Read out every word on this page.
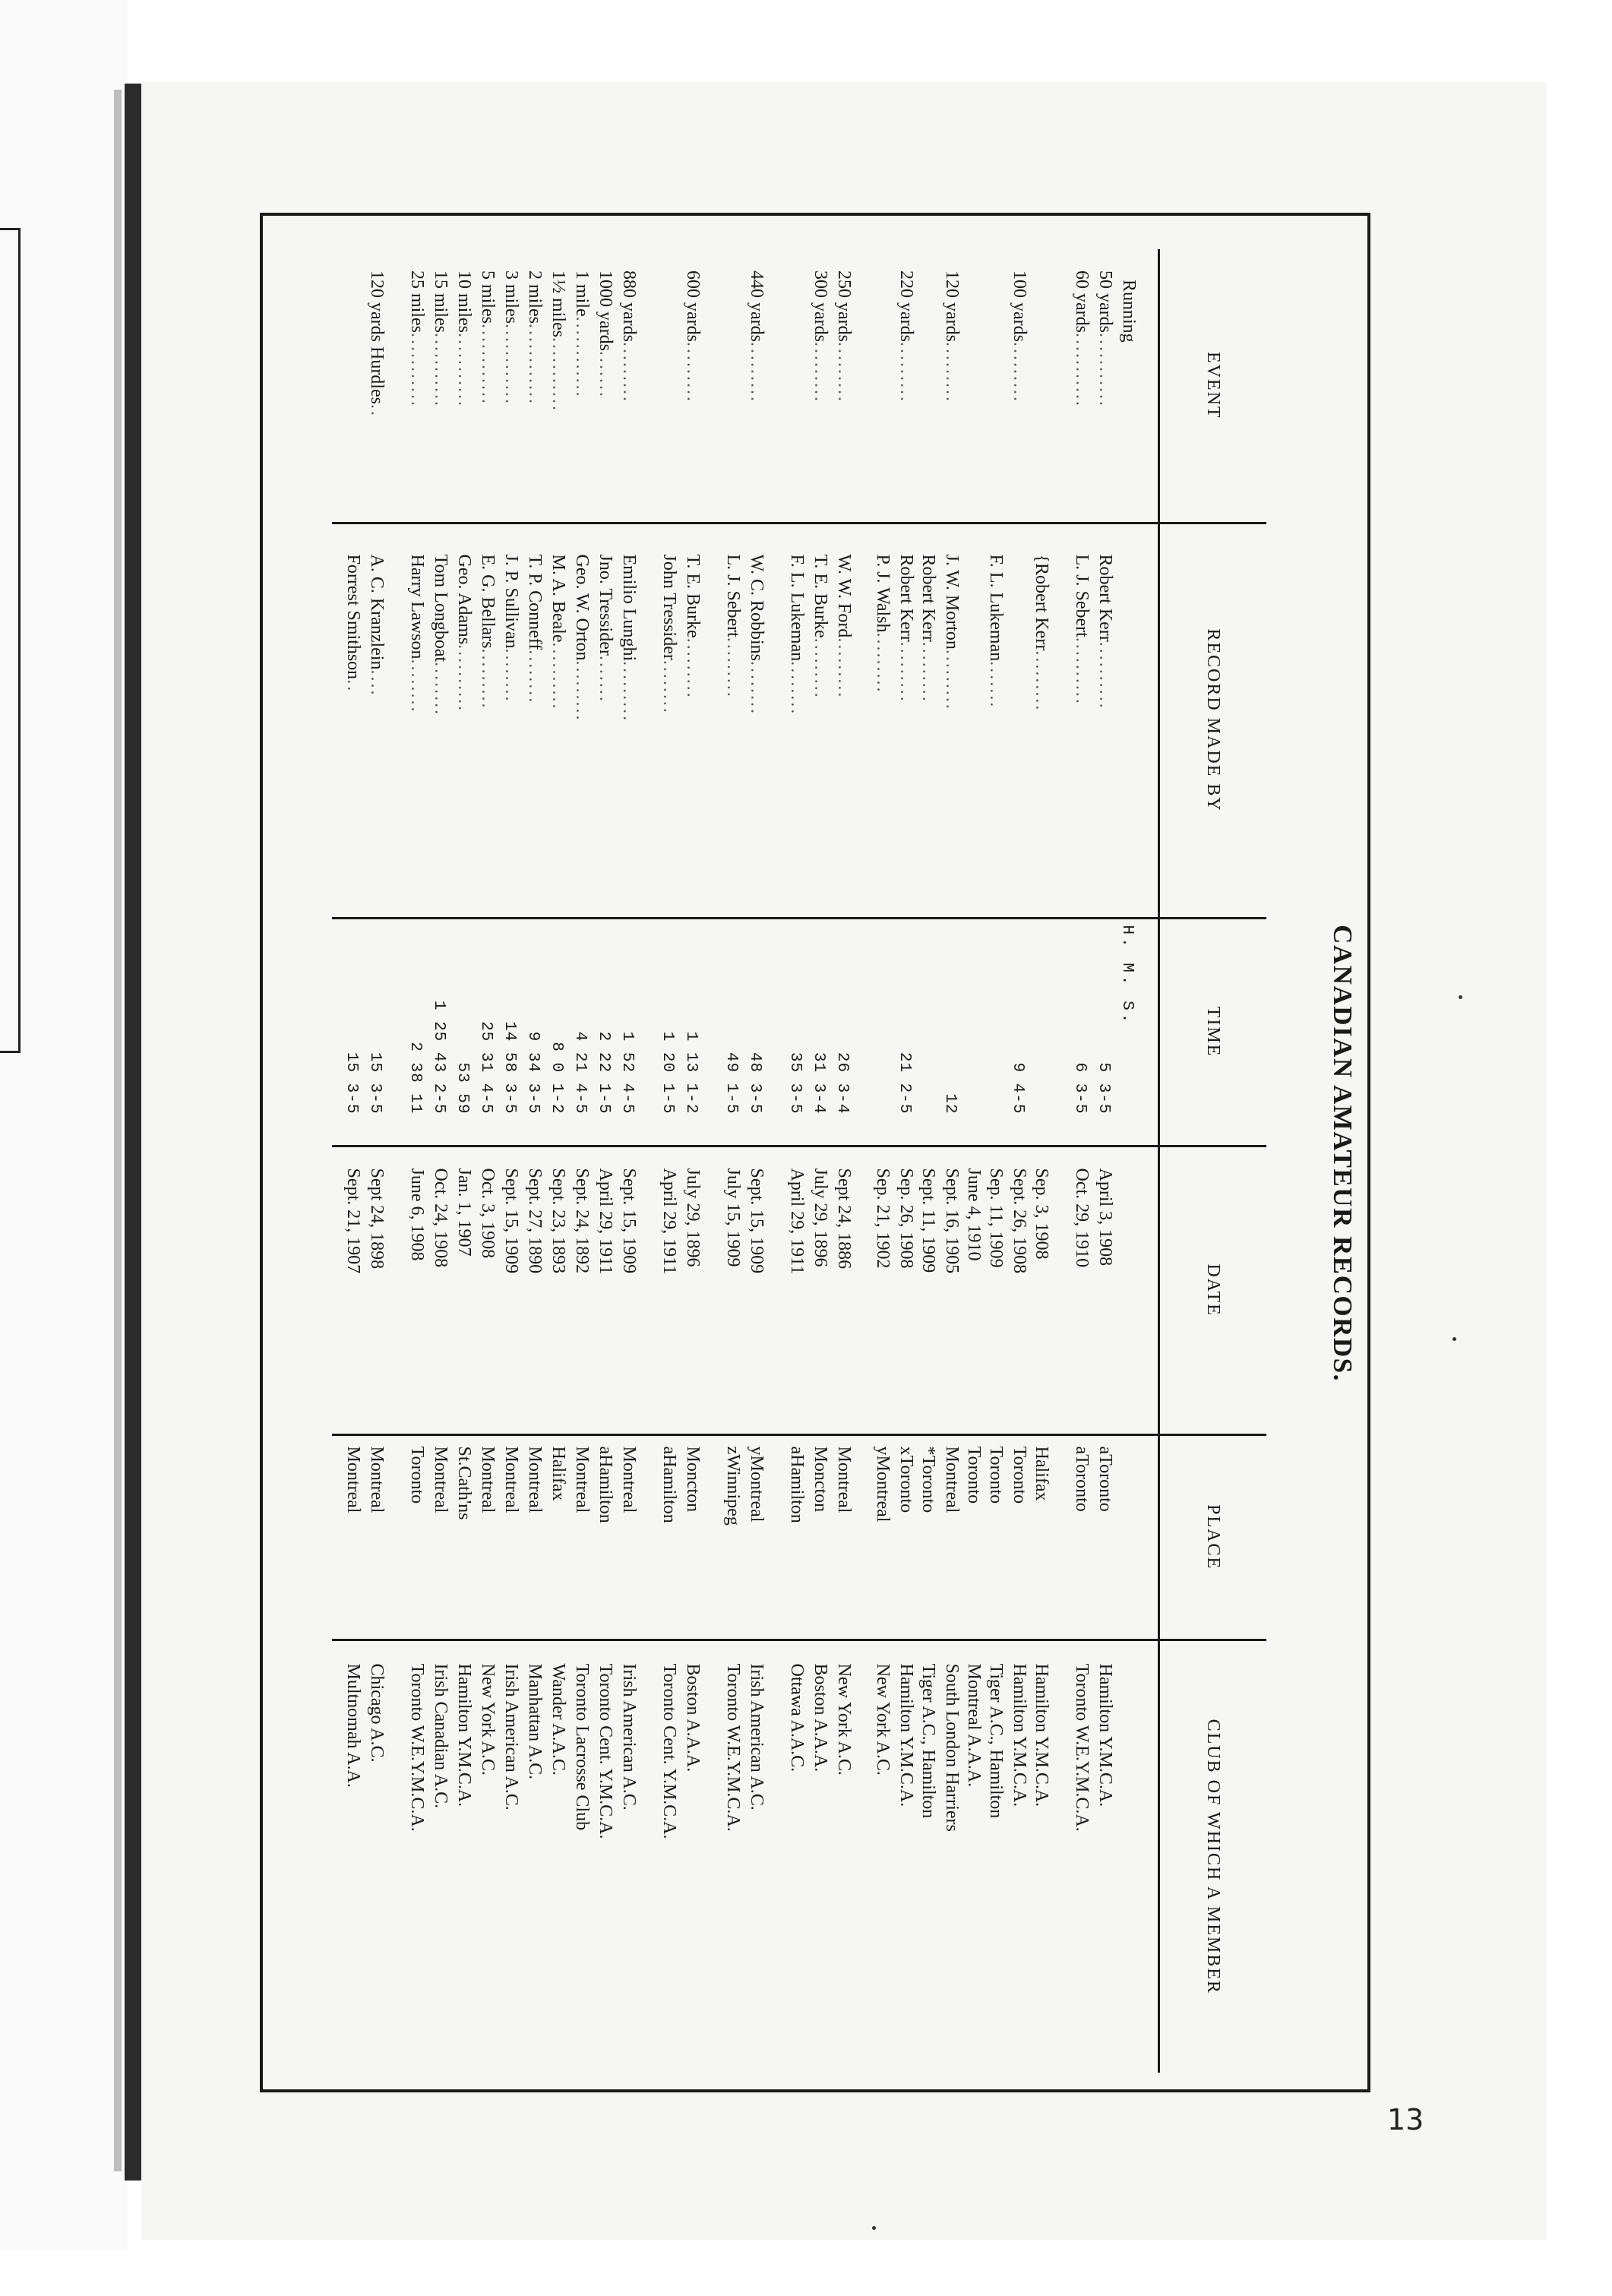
CANADIAN AMATEUR RECORDS.
EVENT	RECORD MADE BY	TIME	DATE	PLACE	CLUB OF WHICH A MEMBER
Running		H. M. S.			
50 yards...........	Robert Kerr..........	5 3-5	April 3, 1908	aToronto	Hamilton Y.M.C.A.
60 yards...........	L. J. Sebert..........	6 3-5	Oct. 29, 1910	aToronto	Toronto W.E.Y.M.C.A.

	{Robert Kerr.........		Sep. 3, 1908	Halifax	Hamilton Y.M.C.A.
100 yards.........		9 4-5	Sept. 26, 1908	Toronto	Hamilton Y.M.C.A.
	F. L. Lukeman.......		Sep. 11, 1909	Toronto	Tiger A.C., Hamilton
			June 4, 1910	Toronto	Montreal A.A.A.
120 yards.........	J. W. Morton.........	12	Sept. 16, 1905	Montreal	South London Harriers
	Robert Kerr.........		Sept. 11, 1909	*Toronto	Tiger A.C., Hamilton
220 yards.........	Robert Kerr.........	21 2-5	Sep. 26, 1908	xToronto	Hamilton Y.M.C.A.
	P. J. Walsh.........		Sep. 21, 1902	yMontreal	New York A.C.

250 yards.........	W. W. Ford.........	26 3-4	Sept 24, 1886	Montreal	New York A.C.
300 yards.........	T. E. Burke.........	31 3-4	July 29, 1896	Moncton	Boston A.A.A.
	F. L. Lukeman........	35 3-5	April 29, 1911	aHamilton	Ottawa A.A.C.

440 yards.........	W. C. Robbins........	48 3-5	Sept. 15, 1909	yMontreal	Irish American A.C.
	L. J. Sebert.........	49 1-5	July 15, 1909	zWinnipeg	Toronto W.E.Y.M.C.A.

600 yards.........	T. E. Burke.........	1 13 1-2	July 29, 1896	Moncton	Boston A.A.A.
	John Tressider........	1 20 1-5	April 29, 1911	aHamilton	Toronto Cent. Y.M.C.A.

880 yards.........	Emilio Lunghi.........	1 52 4-5	Sept. 15, 1909	Montreal	Irish American A.C.
1000 yards.......	Jno. Tressider.......	2 22 1-5	April 29, 1911	aHamilton	Toronto Cent. Y.M.C.A.
1 mile............	Geo. W. Orton.........	4 21 4-5	Sept. 24, 1892	Montreal	Toronto Lacrosse Club
1½ miles...........	M. A. Beale..........	8 0 1-2	Sept. 23, 1893	Halifax	Wander A.A.C.
2 miles............	T. P. Conneff........	9 34 3-5	Sept. 27, 1890	Montreal	Manhattan A.C.
3 miles............	J. P. Sullivan........	14 58 3-5	Sept. 15, 1909	Montreal	Irish American A.C.
5 miles............	E. G. Bellars.........	25 31 4-5	Oct. 3, 1908	Montreal	New York A.C.
10 miles...........	Geo. Adams..........	53 59	Jan. 1, 1907	St.Cath'ns	Hamilton Y.M.C.A.
15 miles...........	Tom Longboat........	1 25 43 2-5	Oct. 24, 1908	Montreal	Irish Canadian A.C.
25 miles...........	Harry Lawson........	2 38 11	June 6, 1908	Toronto	Toronto W.E.Y.M.C.A.

120 yards Hurdles..	A. C. Kranzlein....	15 3-5	Sept 24, 1898	Montreal	Chicago A.C.
	Forrest Smithson..	15 3-5	Sept. 21, 1907	Montreal	Multnomah A.A.

13
